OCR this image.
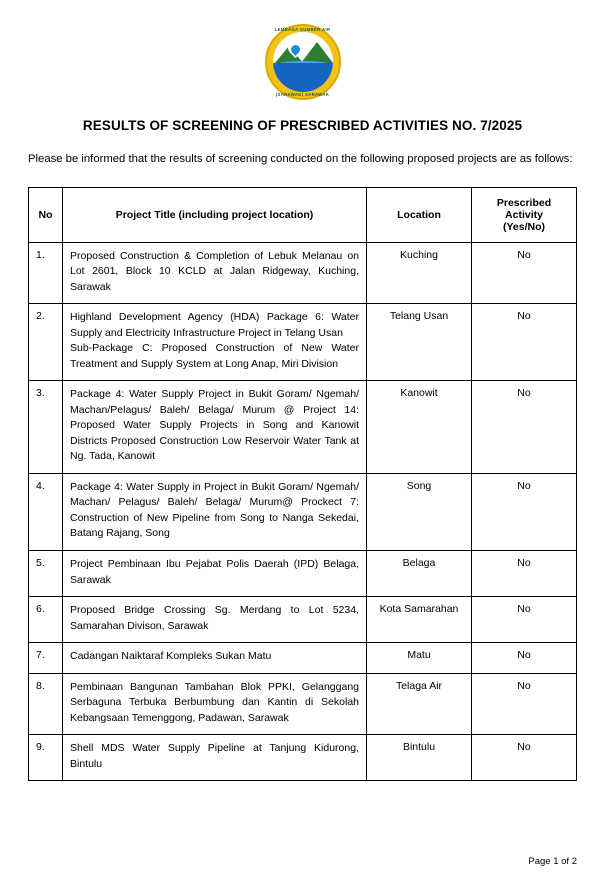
LEMBAGA SUMBER AIR
(SARAWAK) SARAWAK
RESULTS OF SCREENING OF PRESCRIBED ACTIVITIES NO. 7/2025

Please be informed that the results of screening conducted on the following proposed projects are as follows:

No	Project Title (including project location)	Location	Prescribed
Activity
(Yes/No)
1.	Proposed Construction & Completion of Lebuk Melanau on Lot 2601, Block 10 KCLD at Jalan Ridgeway, Kuching, Sarawak	Kuching	No
2.	Highland Development Agency (HDA) Package 6: Water Supply and Electricity Infrastructure Project in Telang Usan
Sub-Package C: Proposed Construction of New Water Treatment and Supply System at Long Anap, Miri Division	Telang Usan	No
3.	Package 4: Water Supply Project in Bukit Goram/ Ngemah/ Machan/Pelagus/ Baleh/ Belaga/ Murum @ Project 14: Proposed Water Supply Projects in Song and Kanowit Districts Proposed Construction Low Reservoir Water Tank at Ng. Tada, Kanowit	Kanowit	No
4.	Package 4: Water Supply in Project in Bukit Goram/ Ngemah/ Machan/ Pelagus/ Baleh/ Belaga/ Murum@ Prockect 7: Construction of New Pipeline from Song to Nanga Sekedai, Batang Rajang, Song	Song	No
5.	Project Pembinaan Ibu Pejabat Polis Daerah (IPD) Belaga, Sarawak	Belaga	No
6.	Proposed Bridge Crossing Sg. Merdang to Lot 5234, Samarahan Divison, Sarawak	Kota Samarahan	No
7.	Cadangan Naiktaraf Kompleks Sukan Matu	Matu	No
8.	Pembinaan Bangunan Tambahan Blok PPKI, Gelanggang Serbaguna Terbuka Berbumbung dan Kantin di Sekolah Kebangsaan Temenggong, Padawan, Sarawak	Telaga Air	No
9.	Shell MDS Water Supply Pipeline at Tanjung Kidurong, Bintulu	Bintulu	No
Page 1 of 2
